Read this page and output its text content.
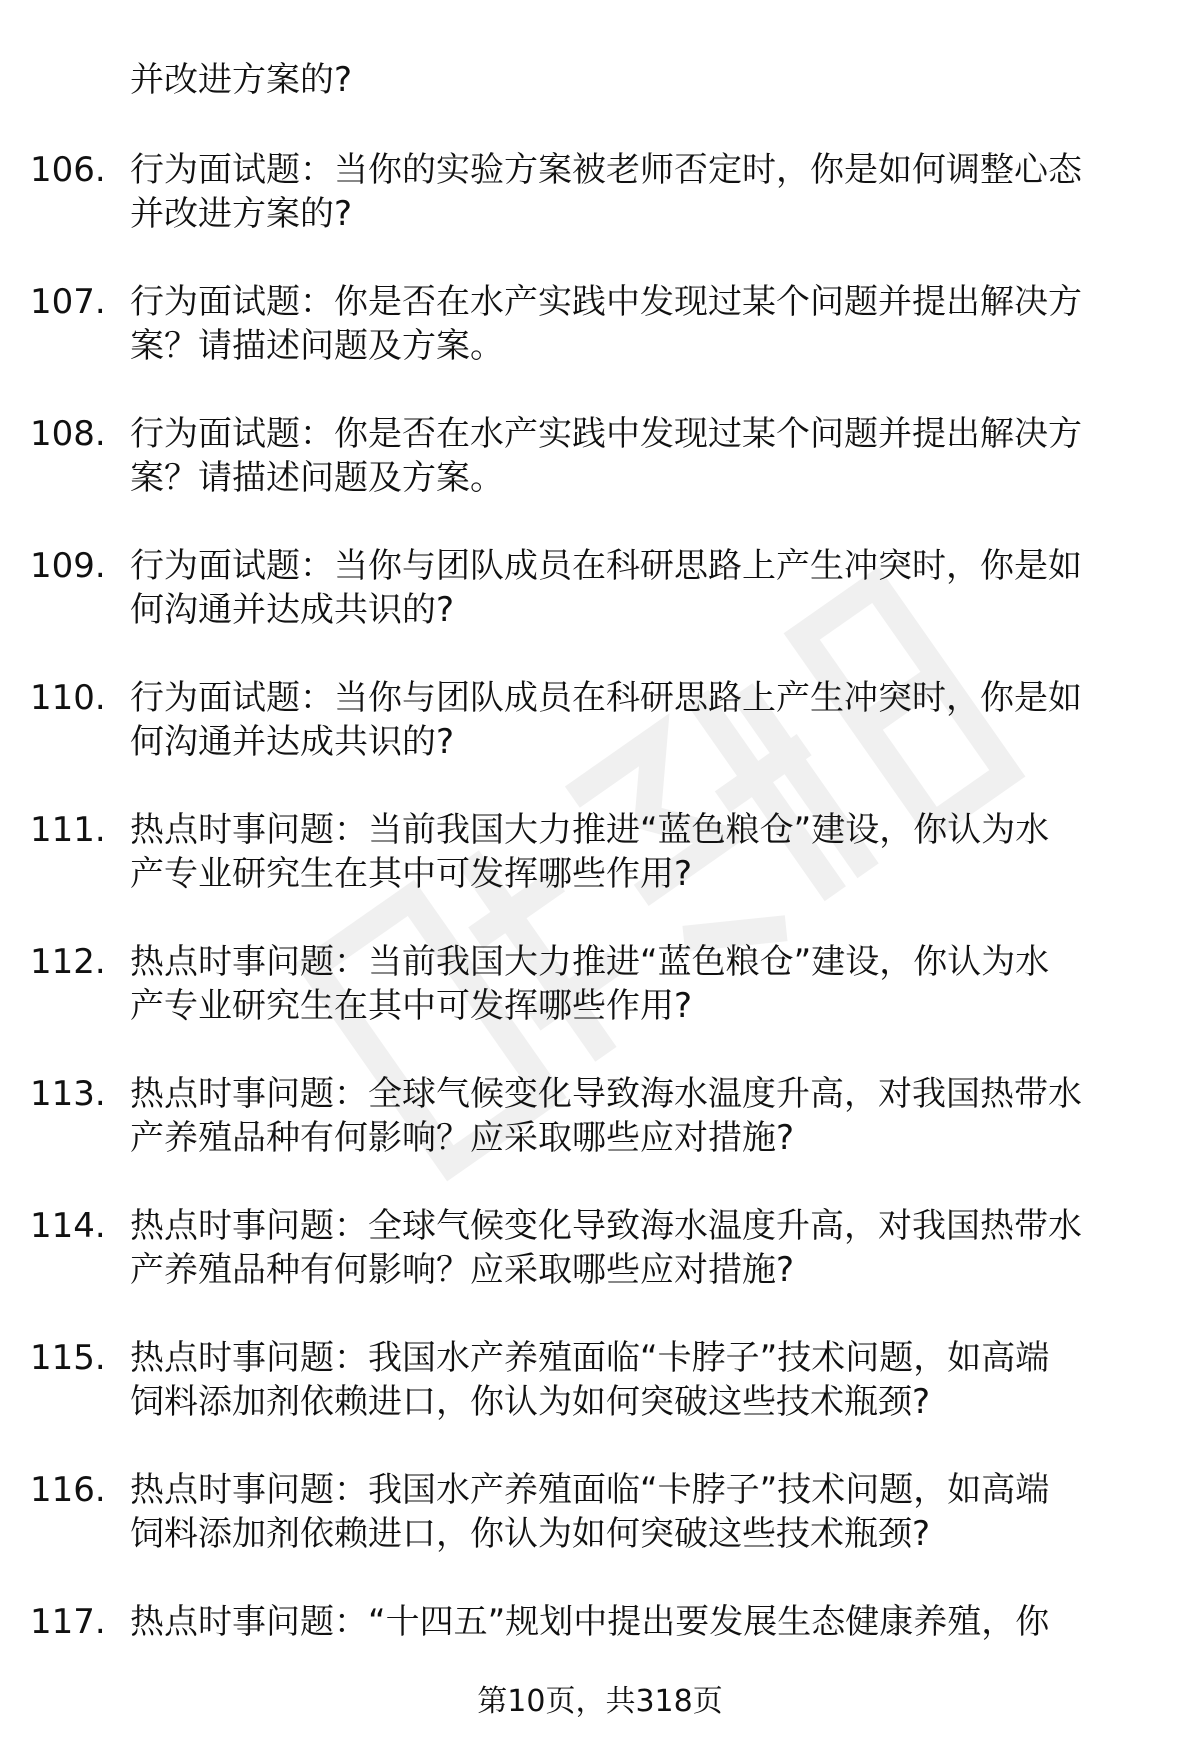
并改进方案的?
106. 行为面试题：当你的实验方案被老师否定时，你是如何调整心态
并改进方案的?
107. 行为面试题：你是否在水产实践中发现过某个问题并提出解决方
案？请描述问题及方案。
108. 行为面试题：你是否在水产实践中发现过某个问题并提出解决方
案？请描述问题及方案。
109. 行为面试题：当你与团队成员在科研思路上产生冲突时，你是如
何沟通并达成共识的?
110. 行为面试题：当你与团队成员在科研思路上产生冲突时，你是如
何沟通并达成共识的?
111. 热点时事问题：当前我国大力推进“蓝色粮仓”建设，你认为水
产专业研究生在其中可发挥哪些作用?
112. 热点时事问题：当前我国大力推进“蓝色粮仓”建设，你认为水
产专业研究生在其中可发挥哪些作用?
113. 热点时事问题：全球气候变化导致海水温度升高，对我国热带水
产养殖品种有何影响？应采取哪些应对措施?
114. 热点时事问题：全球气候变化导致海水温度升高，对我国热带水
产养殖品种有何影响？应采取哪些应对措施?
115. 热点时事问题：我国水产养殖面临“卡脖子”技术问题，如高端
饲料添加剂依赖进口，你认为如何突破这些技术瓶颈?
116. 热点时事问题：我国水产养殖面临“卡脖子”技术问题，如高端
饲料添加剂依赖进口，你认为如何突破这些技术瓶颈?
117. 热点时事问题：“十四五”规划中提出要发展生态健康养殖，你
第10页，共318页
